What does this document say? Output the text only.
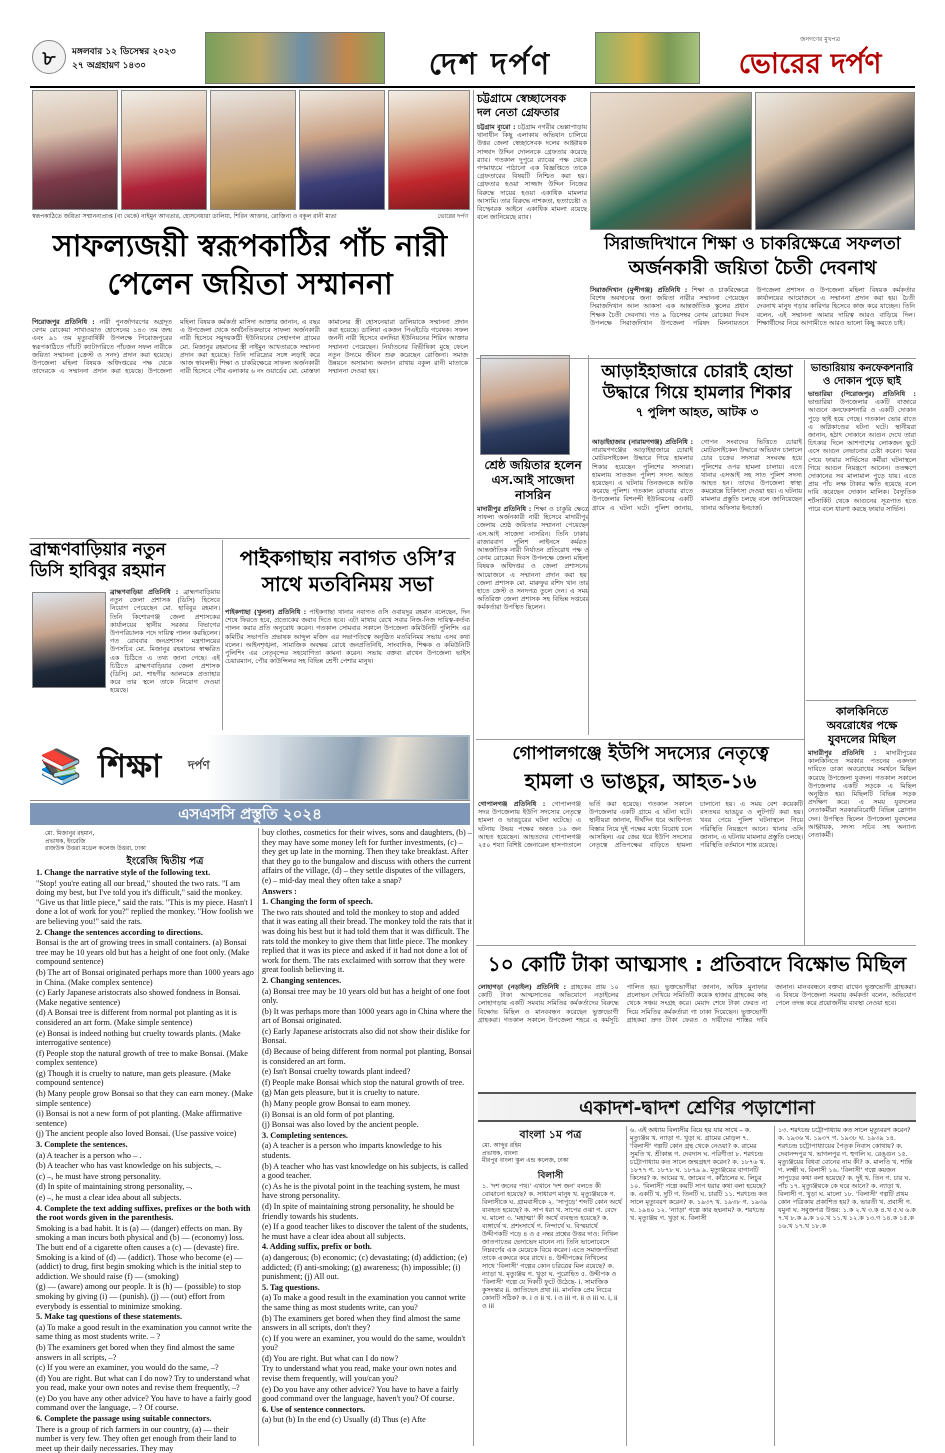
৮	মঙ্গলবার ১২ ডিসেম্বর ২০২৩
২৭ অগ্রহায়ণ ১৪৩০	দেশ দর্পণ
জনগণের মুখপত্র
ভোরের দর্পণ
স্বরূপকাঠিতে জয়িতা সম্মাননাপ্রাপ্ত (বা থেকে) নাইমুন আখতার, হোসনেয়ারা ডালিয়া, শিরিন আক্তার, রোজিনা ও বকুল রানী মাতা	ভোরের দর্পণ
সাফল্যজয়ী স্বরূপকাঠির পাঁচ নারী
পেলেন জয়িতা সম্মাননা

পিরোজপুর প্রতিনিধি : নারী পুনর্জাগরণের অগ্রদূত বেগম রোকেয়া সাখাওয়াত হোসেনের ১৪৩ তম জন্ম এবং ৯১ তম মৃত্যুবার্ষিকী উপলক্ষে পিরোজপুরের স্বরূপকাঠিতে পাঁচটি ক্যাটাগরিতে পাঁচজন সফল নারীকে জয়িতা সম্মাননা (ক্রেস্ট ও সনদ) প্রদান করা হয়েছে। উপজেলা মহিলা বিষয়ক অধিদপ্তরের পক্ষ থেকে তাদেরকে এ সম্মাননা প্রদান করা হয়েছে। উপজেলা মহিলা বিষয়ক কর্মকর্তা মাসিদা আক্তার জানান, এ বছর এ উপজেলা থেকে অর্থনৈতিকভাবে সাফল্য অর্জনকারী নারী হিসেবে সমুদয়কাঠী ইউনিয়নের সেহাংগল গ্রামের মো. মিজানুর রহমানের স্ত্রী নাইমুন আখতারকে সম্মাননা প্রদান করা হয়েছে। তিনি দারিদ্র্যের সঙ্গে লড়াই করে আজ স্বাবলম্বী। শিক্ষা ও চাকরিক্ষেত্রে সাফল্য অর্জনকারী নারী হিসেবে পৌর এলাকার ৬ নং ওয়ার্ডের মো. মোস্তফা কামালের স্ত্রী হোসনেয়ারা ডালিয়াকে সম্মাননা প্রদান করা হয়েছে। ডালিয়া একজন পিএইচডি গবেষক। সফল জননী নারী হিসেবে বলদিয়া ইউনিয়নের শিরিন আক্তার সম্মাননা পেয়েছেন। নির্যাতনের বিভীষিকা মুছে ফেলে নতুন উদ্যমে জীবন শুরু করেছেন রোজিনা। সমাজ উন্নয়নে অসামান্য অবদান রাখায় বকুল রানী মাতাকে সম্মাননা দেওয়া হয়।

ব্রাহ্মণবাড়িয়ার নতুন
ডিসি হাবিবুর রহমান

ব্রাহ্মণবাড়িয়া প্রতিনিধি : ব্রাহ্মণবাড়িয়ায় নতুন জেলা প্রশাসক (ডিসি) হিসেবে নিয়োগ পেয়েছেন মো. হাবিবুর রহমান। তিনি কিশোরগঞ্জ জেলা প্রশাসকের কার্যালয়ের স্থানীয় সরকার বিভাগের উপপরিচালক পদে দায়িত্ব পালন করছিলেন। গত রোববার জনপ্রশাসন মন্ত্রণালয়ের উপসচিব মো. মিজানুর রহমানের স্বাক্ষরিত এক চিঠিতে এ তথ্য জানা গেছে। এই চিঠিতে ব্রাহ্মণবাড়িয়ার জেলা প্রশাসক (ডিসি) মো. শাহগীর আলমকে প্রত্যাহার করে তার স্থলে তাকে নিয়োগ দেওয়া হয়েছে।

পাইকগাছায় নবাগত ওসি’র
সাথে মতবিনিময় সভা

পাইকগাছা (খুলনা) প্রতিনিধি : পাইকগাছা থানার নবাগত ওসি ওবায়দুর রহমান বলেছেন, দিন শেষে ফিরতে হবে, প্রত্যেকের জবাব দিতে হবে। এটা মাথায় রেখে সবার নিজ-নিজ দায়িত্ব-কর্তব্য পালন করার প্রতি অনুরোধ করেন। গতকাল সোমবার সকালে উপজেলা কমিউনিটি পুলিশিং এর কমিটির সভাপতি প্রভাষক আব্দুল মজিদ এর সভাপতিত্বে অনুষ্ঠিত মতবিনিময় সভায় এসব কথা বলেন। আইনশৃঙ্খলা, সামাজিক অবক্ষয় রোধে জনপ্রতিনিধি, সাংবাদিক, শিক্ষক ও কমিউনিটি পুলিশিং এর নেতৃবৃন্দের সহযোগিতা কামনা করেন। সভায় বক্তব্য রাখেন উপজেলা ভাইস চেয়ারম্যান, পৌর কাউন্সিলর সহ বিভিন্ন শ্রেণী পেশার মানুষ।

শিক্ষা দর্পণ
📚
এসএসসি প্রস্তুতি ২০২৪
মো. মিজানুর রহমান,
প্রভাষক, ইংরেজি
রাজউক উত্তরা মডেল কলেজ উত্তরা, ঢাকা
ইংরেজি দ্বিতীয় পত্র

1. Change the narrative style of the following text.

"Stop! you're eating all our bread," shouted the two rats. "I am doing my best, but I've told you it's difficult," said the monkey. "Give us that little piece," said the rats. "This is my piece. Hasn't I done a lot of work for you?" replied the monkey. "How foolish we are believing you!" said the rats.

2. Change the sentences according to directions.

Bonsai is the art of growing trees in small containers. (a) Bonsai tree may be 10 years old but has a height of one foot only. (Make compound sentence)

(b) The art of Bonsai originated perhaps more than 1000 years ago in China. (Make complex sentence)

(c) Early Japanese aristocrats also showed fondness in Bonsai. (Make negative sentence)

(d) A Bonsai tree is different from normal pot planting as it is considered an art form. (Make simple sentence)

(e) Bonsai is indeed nothing but cruelty towards plants. (Make interrogative sentence)

(f) People stop the natural growth of tree to make Bonsai. (Make complex sentence)

(g) Though it is cruelty to nature, man gets pleasure. (Make compound sentence)

(h) Many people grow Bonsai so that they can earn money. (Make simple sentence)

(i) Bonsai is not a new form of pot planting. (Make affirmative sentence)

(j) The ancient people also loved Bonsai. (Use passive voice)

3. Complete the sentences.

(a) A teacher is a person who – .

(b) A teacher who has vast knowledge on his subjects, –.

(c) –, he must have strong personality.

(d) In spite of maintaining strong personality, –.

(e) –, he must a clear idea about all subjects.

4. Complete the text adding suffixes, prefixes or the both with the root words given in the parenthesis.

Smoking is a bad habit. It is (a) — (danger) effects on man. By smoking a man incurs both physical and (b) — (economy) loss. The butt end of a cigarette often causes a (c) — (devaste) fire. Smoking is a kind of (d) — (addict). Those who become (e) — (addict) to drug, first begin smoking which is the initial step to addiction. We should raise (f) — (smoking)

(g) — (aware) among our people. It is (h) — (possible) to stop smoking by giving (i) — (punish). (j) — (out) effort from everybody is essential to minimize smoking.

5. Make tag questions of these statements.

(a) To make a good result in the examination you cannot write the same thing as most students write. – ?

(b) The examiners get bored when they find almost the same answers in all scripts, –?

(c) If you were an examiner, you would do the same, –?

(d) You are right. But what can I do now? Try to understand what you read, make your own notes and revise them frequently, –?

(e) Do you have any other advice? You have to have a fairly good command over the language, – ? Of course.

6. Complete the passage using suitable connectors.

There is a group of rich farmers in our country, (a) — their number is very few. They often get enough from their land to meet up their daily necessaries. They may

buy clothes, cosmetics for their wives, sons and daughters, (b) – they may have some money left for further investments, (c) – they get up late in the morning. Then they take breakfast. After that they go to the bungalow and discuss with others the current affairs of the village, (d) – they settle disputes of the villagers, (e) – mid-day meal they often take a snap?

Answers :

1. Changing the form of speech.

The two rats shouted and told the monkey to stop and added that it was eating all their bread. The monkey told the rats that it was doing his best but it had told them that it was difficult. The rats told the monkey to give them that little piece. The monkey replied that it was its piece and asked if it had not done a lot of work for them. The rats exclaimed with sorrow that they were great foolish believing it.

2. Changing sentences.

(a) Bonsai tree may be 10 years old but has a height of one foot only.

(b) It was perhaps more than 1000 years ago in China where the art of Bonsai originated.

(c) Early Japanese aristocrats also did not show their dislike for Bonsai.

(d) Because of being different from normal pot planting, Bonsai is considered an art form.

(e) Isn't Bonsai cruelty towards plant indeed?

(f) People make Bonsai which stop the natural growth of tree.

(g) Man gets pleasure, but it is cruelty to nature.

(h) Many people grow Bonsai to earn money.

(i) Bonsai is an old form of pot planting.

(j) Bonsai was also loved by the ancient people.

3. Completing sentences.

(a) A teacher is a person who imparts knowledge to his students.

(b) A teacher who has vast knowledge on his subjects, is called a good teacher.

(c) As he is the pivotal point in the teaching system, he must have strong personality.

(d) In spite of maintaining strong personality, he should be friendly towards his students.

(e) If a good teacher likes to discover the talent of the students, he must have a clear idea about all subjects.

4. Adding suffix, prefix or both.

(a) dangerous; (b) economic; (c) devastating; (d) addiction; (e) addicted; (f) anti-smoking; (g) awareness; (h) impossible; (i) punishment; (j) All out.

5. Tag questions.

(a) To make a good result in the examination you cannot write the same thing as most students write, can you?

(b) The examiners get bored when they find almost the same answers in all scripts, don't they?

(c) If you were an examiner, you would do the same, wouldn't you?

(d) You are right. But what can I do now?

Try to understand what you read, make your own notes and revise them frequently, will you/can you?

(e) Do you have any other advice? You have to have a fairly good command over the language, haven't you? Of course.

6. Use of sentence connectors.

(a) but (b) In the end (c) Usually (d) Thus (e) Afte

চট্টগ্রামে স্বেচ্ছাসেবক
দল নেতা গ্রেফতার

চট্টগ্রাম ব্যুরো : চট্টগ্রাম নগরীর ভেল্লাপাড়ায় থানাধীন কিছু এলাকায় অভিযান চালিয়ে উত্তর জেলা স্বেচ্ছাসেবক দলের আহ্বায়ক সাজ্জাদ উদ্দিন দোলনকে গ্রেফতার করেছে র‍্যাব। গতকাল দুপুরে র‍্যাবের পক্ষ থেকে গণমাধ্যমে পাঠানো এক বিজ্ঞপ্তিতে তাকে গ্রেফতারের বিষয়টি নিশ্চিত করা হয়। গ্রেফতার হওয়া সাজ্জাদ উদ্দিন নিজের বিরুদ্ধে দায়ের হওয়া একাধিক মামলার আসামি। তার বিরুদ্ধে নাশকতা, হত্যাচেষ্টা ও বিস্ফোরক আইনে একাধিক মামলা রয়েছে বলে জানিয়েছে র‍্যাব।

সিরাজদিখানে শিক্ষা ও চাকরিক্ষেত্রে সফলতা
অর্জনকারী জয়িতা চৈতী দেবনাথ

সিরাজদিখান (মুন্সীগঞ্জ) প্রতিনিধি : শিক্ষা ও চাকরিক্ষেত্রে বিশেষ অবদানের জন্য জয়িতা নারীর সম্মাননা পেয়েছেন সিরাজদিখান আল আকসা এক আন্তর্জাতিক স্কুলের প্রধান শিক্ষক চৈতী দেবনাথ। গত ৯ ডিসেম্বর বেগম রোকেয়া দিবস উপলক্ষে সিরাজদিখান উপজেলা পরিষদ মিলনায়তনে উপজেলা প্রশাসন ও উপজেলা মহিলা বিষয়ক কর্মকর্তার কার্যালয়ের আয়োজনে এ সম্মাননা প্রদান করা হয়। চৈতী দেবনাথ মানুষ গড়ার কারিগর হিসেবে কাজ করে যাচ্ছেন। তিনি বলেন, এই সম্মাননা আমার দায়িত্ব আরও বাড়িয়ে দিল। শিক্ষার্থীদের নিয়ে আগামীতে আরও ভালো কিছু করতে চাই।

শ্রেষ্ঠ জয়িতার হলেন
এস.আই সাজেদা
নাসরিন

মাদারীপুর প্রতিনিধি : শিক্ষা ও চাকুরি ক্ষেত্রে সাফল্য অর্জনকারী নারী হিসেবে মাদারীপুর জেলায় শ্রেষ্ঠ জয়িতার সম্মাননা পেয়েছেন এস.আই সাজেদা নাসরিন। তিনি ঢাকার রাজারবাগ পুলিশ লাইনসে কর্মরত। আন্তর্জাতিক নারী নির্যাতন প্রতিরোধ পক্ষ ও বেগম রোকেয়া দিবস উপলক্ষে জেলা মহিলা বিষয়ক অধিদপ্তর ও জেলা প্রশাসনের আয়োজনে এ সম্মাননা প্রদান করা হয়। জেলা প্রশাসক মো. মারুফুর রশিদ খান তার হাতে ক্রেস্ট ও সনদপত্র তুলে দেন। এ সময় অতিরিক্ত জেলা প্রশাসক সহ বিভিন্ন দপ্তরের কর্মকর্তারা উপস্থিত ছিলেন।

আড়াইহাজারে চোরাই হোন্ডা
উদ্ধারে গিয়ে হামলার শিকার
৭ পুলিশ আহত, আটক ৩

আড়াইহাজার (নারায়ণগঞ্জ) প্রতিনিধি : নারায়ণগঞ্জের আড়াইহাজারে চোরাই মোটরসাইকেল উদ্ধারে গিয়ে হামলার শিকার হয়েছেন পুলিশের সদস্যরা। হামলায় সাতজন পুলিশ সদস্য আহত হয়েছেন। এ ঘটনায় তিনজনকে আটক করেছে পুলিশ। গতকাল রোববার রাতে উপজেলার বিশনন্দী ইউনিয়নের একটি গ্রামে এ ঘটনা ঘটে। পুলিশ জানায়, গোপন সংবাদের ভিত্তিতে চোরাই মোটরসাইকেল উদ্ধারে অভিযান চালালে চোর চক্রের সদস্যরা সংঘবদ্ধ হয়ে পুলিশের ওপর হামলা চালায়। এতে থানার এসআই সহ সাত পুলিশ সদস্য আহত হন। তাদের উপজেলা স্বাস্থ্য কমপ্লেক্সে চিকিৎসা দেওয়া হয়। এ ঘটনায় মামলার প্রস্তুতি চলছে বলে জানিয়েছেন থানার অফিসার ইনচার্জ।

ভান্ডারিয়ায় কনফেকশনারি
ও দোকান পুড়ে ছাই

ভান্ডারিয়া (পিরোজপুর) প্রতিনিধি : ভান্ডারিয়া উপজেলার একটি বাজারে আগুনে কনফেকশনারি ও একটি দোকান পুড়ে ছাই হয়ে গেছে। গতকাল ভোর রাতে এ অগ্নিকাণ্ডের ঘটনা ঘটে। স্থানীয়রা জানান, হঠাৎ দোকানে আগুন দেখে তারা চিৎকার দিলে আশপাশের লোকজন ছুটে এসে আগুন নেভানোর চেষ্টা করেন। খবর পেয়ে ফায়ার সার্ভিসের কর্মীরা ঘটনাস্থলে গিয়ে আগুন নিয়ন্ত্রণে আনেন। ততক্ষণে দোকানের সব মালামাল পুড়ে যায়। এতে প্রায় পাঁচ লক্ষ টাকার ক্ষতি হয়েছে বলে দাবি করেছেন দোকান মালিক। বৈদ্যুতিক শর্টসার্কিট থেকে আগুনের সূত্রপাত হতে পারে বলে ধারণা করছে ফায়ার সার্ভিস।

কালকিনিতে
অবরোধের পক্ষে
যুবদলের মিছিল

মাদারীপুর প্রতিনিধি : মাদারীপুরের কালকিনিতে সরকার পতনের একদফা দাবিতে ডাকা অবরোধের সমর্থনে মিছিল করেছে উপজেলা যুবদল। গতকাল সকালে উপজেলার একটি সড়কে এ মিছিল অনুষ্ঠিত হয়। মিছিলটি বিভিন্ন সড়ক প্রদক্ষিণ করে। এ সময় যুবদলের নেতাকর্মীরা সরকারবিরোধী বিভিন্ন স্লোগান দেন। উপস্থিত ছিলেন উপজেলা যুবদলের আহ্বায়ক, সদস্য সচিব সহ অন্যান্য নেতাকর্মী।

গোপালগঞ্জে ইউপি সদস্যের নেতৃত্বে
হামলা ও ভাঙচুর, আহত-১৬

গোপালগঞ্জ প্রতিনিধি : গোপালগঞ্জ সদর উপজেলায় ইউপি সদস্যের নেতৃত্বে হামলা ও ভাঙচুরের ঘটনা ঘটেছে। এ ঘটনায় উভয় পক্ষের অন্তত ১৬ জন আহত হয়েছেন। আহতদের গোপালগঞ্জ ২৫০ শয্যা বিশিষ্ট জেনারেল হাসপাতালে ভর্তি করা হয়েছে। গতকাল সকালে উপজেলার একটি গ্রামে এ ঘটনা ঘটে। স্থানীয়রা জানান, দীর্ঘদিন ধরে আধিপত্য বিস্তার নিয়ে দুই পক্ষের মধ্যে বিরোধ চলে আসছিল। এর জের ধরে ইউপি সদস্যের নেতৃত্বে প্রতিপক্ষের বাড়িতে হামলা চালানো হয়। এ সময় বেশ কয়েকটি বসতঘর ভাঙচুর ও লুটপাট করা হয়। খবর পেয়ে পুলিশ ঘটনাস্থলে গিয়ে পরিস্থিতি নিয়ন্ত্রণে আনে। থানার ওসি জানান, এ ঘটনায় মামলার প্রস্তুতি চলছে। পরিস্থিতি বর্তমানে শান্ত রয়েছে।

১০ কোটি টাকা আত্মসাৎ : প্রতিবাদে বিক্ষোভ মিছিল

লোহাগড়া (নড়াইল) প্রতিনিধি : গ্রাহকের প্রায় ১০ কোটি টাকা আত্মসাতের অভিযোগে নড়াইলের লোহাগড়ায় একটি সমবায় সমিতির কর্মকর্তাদের বিরুদ্ধে বিক্ষোভ মিছিল ও মানববন্ধন করেছেন ভুক্তভোগী গ্রাহকরা। গতকাল সকালে উপজেলা শহরে এ কর্মসূচি পালিত হয়। ভুক্তভোগীরা জানান, অধিক মুনাফার প্রলোভন দেখিয়ে সমিতিটি কয়েক হাজার গ্রাহকের কাছ থেকে সঞ্চয় সংগ্রহ করে। মেয়াদ শেষে টাকা ফেরত না দিয়ে সমিতির কর্মকর্তারা গা ঢাকা দিয়েছেন। ভুক্তভোগী গ্রাহকরা দ্রুত টাকা ফেরত ও দায়ীদের শাস্তির দাবি জানান। মানববন্ধনে বক্তব্য রাখেন ভুক্তভোগী গ্রাহকরা। এ বিষয়ে উপজেলা সমবায় কর্মকর্তা বলেন, অভিযোগ পেলে তদন্ত করে প্রয়োজনীয় ব্যবস্থা নেওয়া হবে।

একাদশ-দ্বাদশ শ্রেণির পড়াশোনা
বাংলা ১ম পত্র
মো. আব্দুর রহিম
প্রভাষক, বাংলা
মীরপুর বাংলা স্কুল এন্ড কলেজ, ঢাকা
বিলাসী
১. 'দশ জনের পথ।' এখানে 'দশ জন' বলতে কী বোঝানো হয়েছে? ক. সাধারণ মানুষ খ. মৃত্যুঞ্জয়কে গ. বিলাসীকে ঘ. গ্রামবাসীকে ২. 'সাপুড়ে' শব্দটি কোন অর্থে ব্যবহৃত হয়েছে? ক. সাপ ধরা খ. সাপের ওঝা গ. বেদে ঘ. মালো ৩. 'মহাত্মা' কী অর্থে ব্যবহৃত হয়েছে? ক. ব্যঙ্গার্থে খ. প্রশংসার্থে গ. নিন্দার্থে ঘ. বিস্ময়ার্থে উদ্দীপকটি পড়ে ৪ ও ৫ নম্বর প্রশ্নের উত্তর দাও: নিখিল জাতপাতের ভেদাভেদ মানেন না। তিনি ভালোবেসে নিম্নবর্ণের এক মেয়েকে বিয়ে করেন। এতে সমাজপতিরা তাকে একঘরে করে রাখে। ৪. উদ্দীপকের নিখিলের সাথে 'বিলাসী' গল্পের কোন চরিত্রের মিল রয়েছে? ক. ন্যাড়া খ. মৃত্যুঞ্জয় গ. খুড়া ঘ. পুরোহিত ৫. উদ্দীপক ও 'বিলাসী' গল্পে যে দিকটি ফুটে উঠেছে- i. সামাজিক কুসংস্কার ii. জাতিভেদ প্রথা iii. মানবিক প্রেম নিচের কোনটি সঠিক? ক. i ও ii খ. i ও iii গ. ii ও iii ঘ. i, ii ও iii
৬. এই অধ্যায় বিলাসীর বিয়ে হয় যার সাথে – ক. মৃত্যুঞ্জয় খ. ন্যাড়া গ. খুড়া ঘ. গ্রামের মোড়ল ৭. 'বিলাসী' গল্পটি কোন গ্রন্থ থেকে নেওয়া? ক. রামের সুমতি খ. শ্রীকান্ত গ. দেবদাস ঘ. পরিণীতা ৮. শরৎচন্দ্র চট্টোপাধ্যায় কত সালে জন্মগ্রহণ করেন? ক. ১৮৭৬ খ. ১৮৭৭ গ. ১৮৭৮ ঘ. ১৮৭৯ ৯. মৃত্যুঞ্জয়ের বাগানটি কিসের? ক. আমের খ. জামের গ. কাঁঠালের ঘ. লিচুর ১০. 'বিলাসী' গল্পে কয়টি সাপ ধরার কথা বলা হয়েছে? ক. একটি খ. দুটি গ. তিনটি ঘ. চারটি ১১. শরৎচন্দ্র কত সালে মৃত্যুবরণ করেন? ক. ১৯৩৭ খ. ১৯৩৮ গ. ১৯৩৯ ঘ. ১৯৪০ ১২. 'ন্যাড়া' গল্পে কার ছদ্মনাম? ক. শরৎচন্দ্র খ. মৃত্যুঞ্জয় গ. খুড়া ঘ. বিলাসী
১৩. শরৎচন্দ্র চট্টোপাধ্যায় কত সালে মৃত্যুবরণ করেন? ক. ১৯৩৬ খ. ১৯৩৭ গ. ১৯৩৮ ঘ. ১৯৩৯ ১৪. শরৎচন্দ্র চট্টোপাধ্যায়ের পৈতৃক নিবাস কোথায়? ক. দেবানন্দপুর খ. ভাগলপুর গ. হুগলি ঘ. রেঙ্গুন ১৫. মৃত্যুঞ্জয়ের বিধবা বোনের নাম কী? ক. মালতি খ. শান্তি গ. লক্ষ্মী ঘ. বিলাসী ১৬. 'বিলাসী' গল্পে কয়জন সাপুড়ের কথা বলা হয়েছে? ক. দুই খ. তিন গ. চার ঘ. পাঁচ ১৭. মৃত্যুঞ্জয়কে কে ঘরে আনে? ক. ন্যাড়া খ. বিলাসী গ. খুড়া ঘ. মালো ১৮. 'বিলাসী' গল্পটি প্রথম কোন পত্রিকায় প্রকাশিত হয়? ক. ভারতী খ. প্রবাসী গ. যমুনা ঘ. সবুজপত্র উত্তর: ১.ক ২.খ ৩.ক ৪.খ ৫.ঘ ৬.ক ৭.খ ৮.ক ৯.ক ১০.খ ১১.খ ১২.ক ১৩.গ ১৪.ক ১৫.ক ১৬.খ ১৭.খ ১৮.ক
